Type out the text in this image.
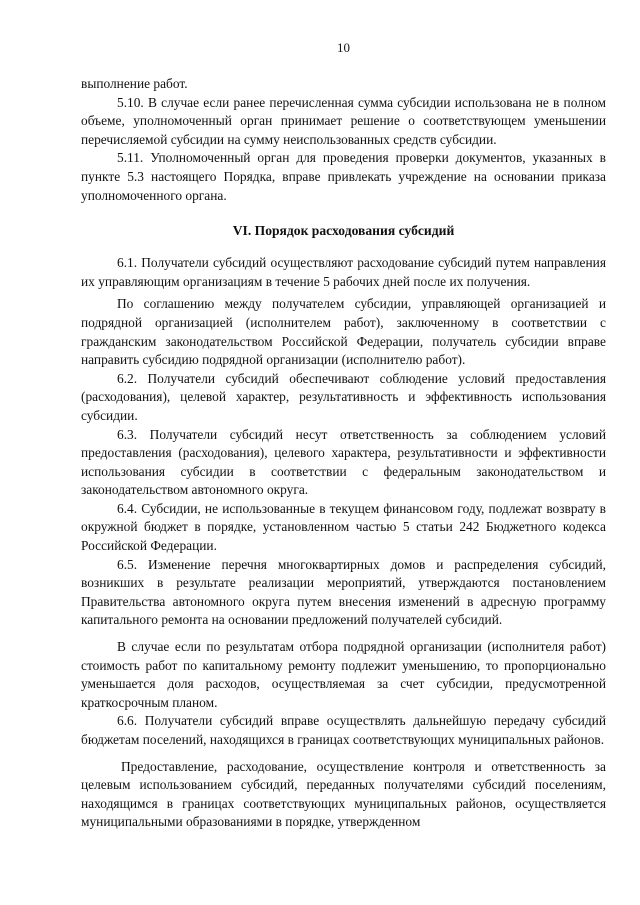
10

выполнение работ.

5.10. В случае если ранее перечисленная сумма субсидии использована не в полном объеме, уполномоченный орган принимает решение о соответствующем уменьшении перечисляемой субсидии на сумму неиспользованных средств субсидии.

5.11. Уполномоченный орган для проведения проверки документов, указанных в пункте 5.3 настоящего Порядка, вправе привлекать учреждение на основании приказа уполномоченного органа.

VI. Порядок расходования субсидий

6.1. Получатели субсидий осуществляют расходование субсидий путем направления их управляющим организациям в течение 5 рабочих дней после их получения.

По соглашению между получателем субсидии, управляющей организацией и подрядной организацией (исполнителем работ), заключенному в соответствии с гражданским законодательством Российской Федерации, получатель субсидии вправе направить субсидию подрядной организации (исполнителю работ).

6.2. Получатели субсидий обеспечивают соблюдение условий предоставления (расходования), целевой характер, результативность и эффективность использования субсидии.

6.3. Получатели субсидий несут ответственность за соблюдением условий предоставления (расходования), целевого характера, результативности и эффективности использования субсидии в соответствии с федеральным законодательством и законодательством автономного округа.

6.4. Субсидии, не использованные в текущем финансовом году, подлежат возврату в окружной бюджет в порядке, установленном частью 5 статьи 242 Бюджетного кодекса Российской Федерации.

6.5. Изменение перечня многоквартирных домов и распределения субсидий, возникших в результате реализации мероприятий, утверждаются постановлением Правительства автономного округа путем внесения изменений в адресную программу капитального ремонта на основании предложений получателей субсидий.

В случае если по результатам отбора подрядной организации (исполнителя работ) стоимость работ по капитальному ремонту подлежит уменьшению, то пропорционально уменьшается доля расходов, осуществляемая за счет субсидии, предусмотренной краткосрочным планом.

6.6. Получатели субсидий вправе осуществлять дальнейшую передачу субсидий бюджетам поселений, находящихся в границах соответствующих муниципальных районов.

Предоставление, расходование, осуществление контроля и ответственность за целевым использованием субсидий, переданных получателями субсидий поселениям, находящимся в границах соответствующих муниципальных районов, осуществляется муниципальными образованиями в порядке, утвержденном
